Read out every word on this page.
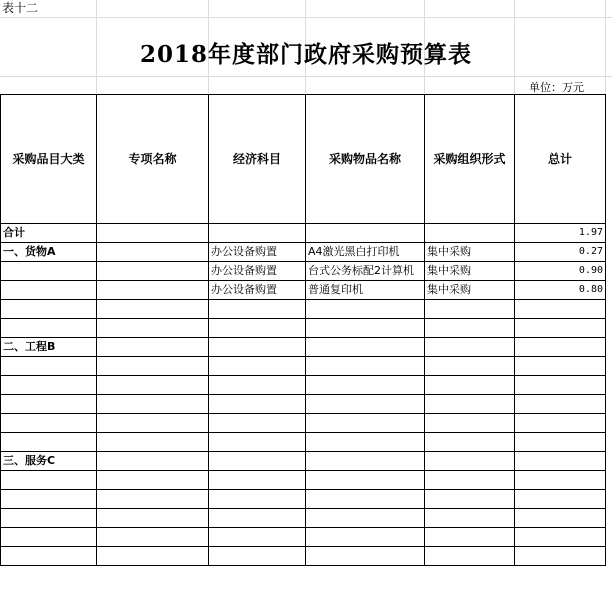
表十二
2018年度部门政府采购预算表
单位：万元
采购品目大类	专项名称	经济科目	采购物品名称	采购组织形式	总计
合计					1.97
一、货物A		办公设备购置	A4激光黑白打印机	集中采购	0.27
		办公设备购置	台式公务标配2计算机	集中采购	0.90
		办公设备购置	普通复印机	集中采购	0.80

二、工程B					

三、服务C					
